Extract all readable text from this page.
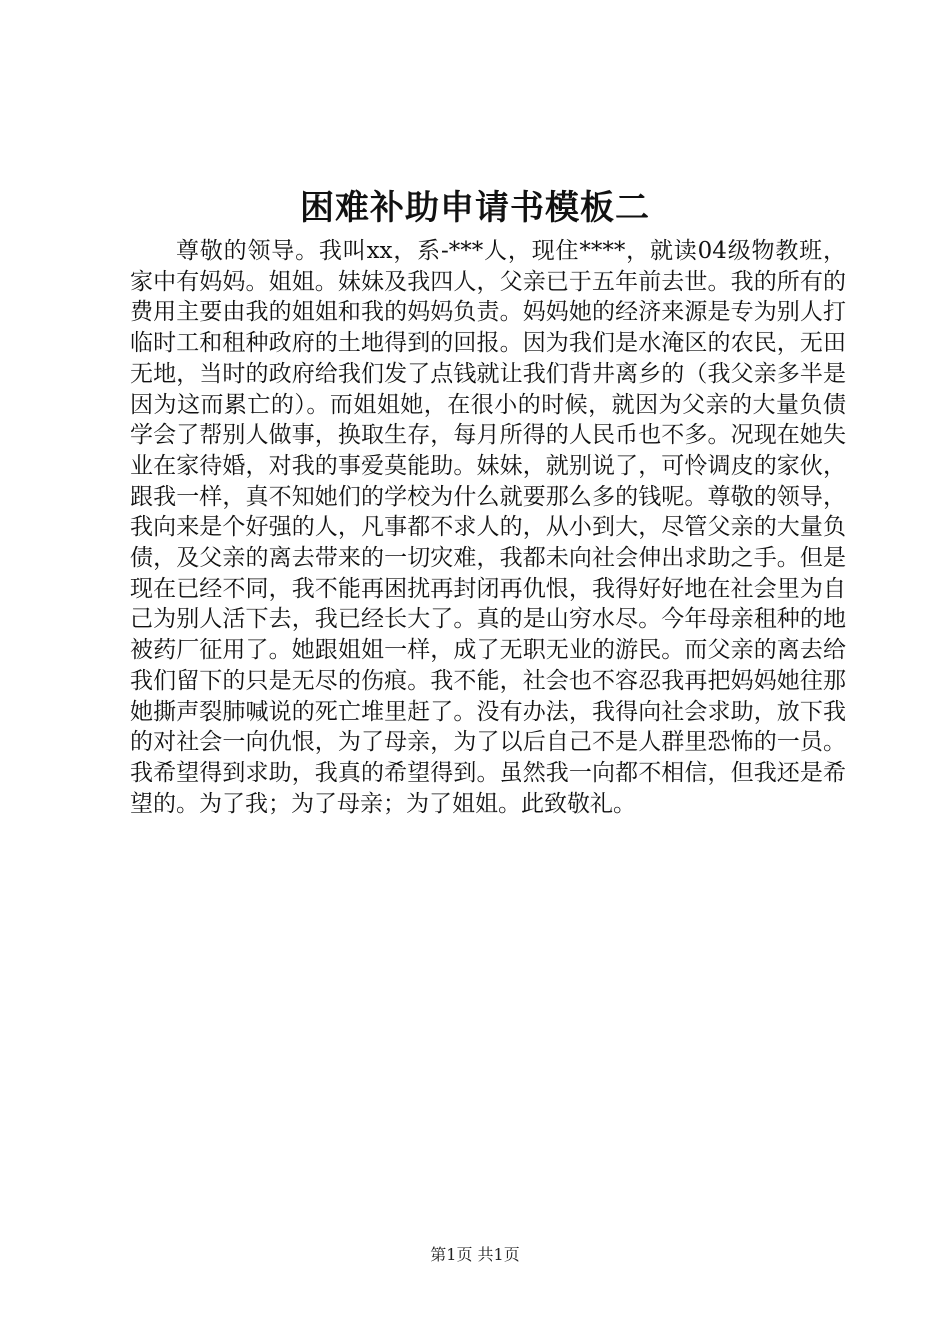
困难补助申请书模板二

尊敬的领导。我叫xx，系-***人，现住****，就读04级物教班，家中有妈妈。姐姐。妹妹及我四人，父亲已于五年前去世。我的所有的费用主要由我的姐姐和我的妈妈负责。妈妈她的经济来源是专为别人打临时工和租种政府的土地得到的回报。因为我们是水淹区的农民，无田无地，当时的政府给我们发了点钱就让我们背井离乡的（我父亲多半是因为这而累亡的）。而姐姐她，在很小的时候，就因为父亲的大量负债学会了帮别人做事，换取生存，每月所得的人民币也不多。况现在她失业在家待婚，对我的事爱莫能助。妹妹，就别说了，可怜调皮的家伙，跟我一样，真不知她们的学校为什么就要那么多的钱呢。尊敬的领导，我向来是个好强的人，凡事都不求人的，从小到大，尽管父亲的大量负债，及父亲的离去带来的一切灾难，我都未向社会伸出求助之手。但是现在已经不同，我不能再困扰再封闭再仇恨，我得好好地在社会里为自己为别人活下去，我已经长大了。真的是山穷水尽。今年母亲租种的地被药厂征用了。她跟姐姐一样，成了无职无业的游民。而父亲的离去给我们留下的只是无尽的伤痕。我不能，社会也不容忍我再把妈妈她往那她撕声裂肺喊说的死亡堆里赶了。没有办法，我得向社会求助，放下我的对社会一向仇恨，为了母亲，为了以后自己不是人群里恐怖的一员。我希望得到求助，我真的希望得到。虽然我一向都不相信，但我还是希望的。为了我；为了母亲；为了姐姐。此致敬礼。

第1页 共1页
